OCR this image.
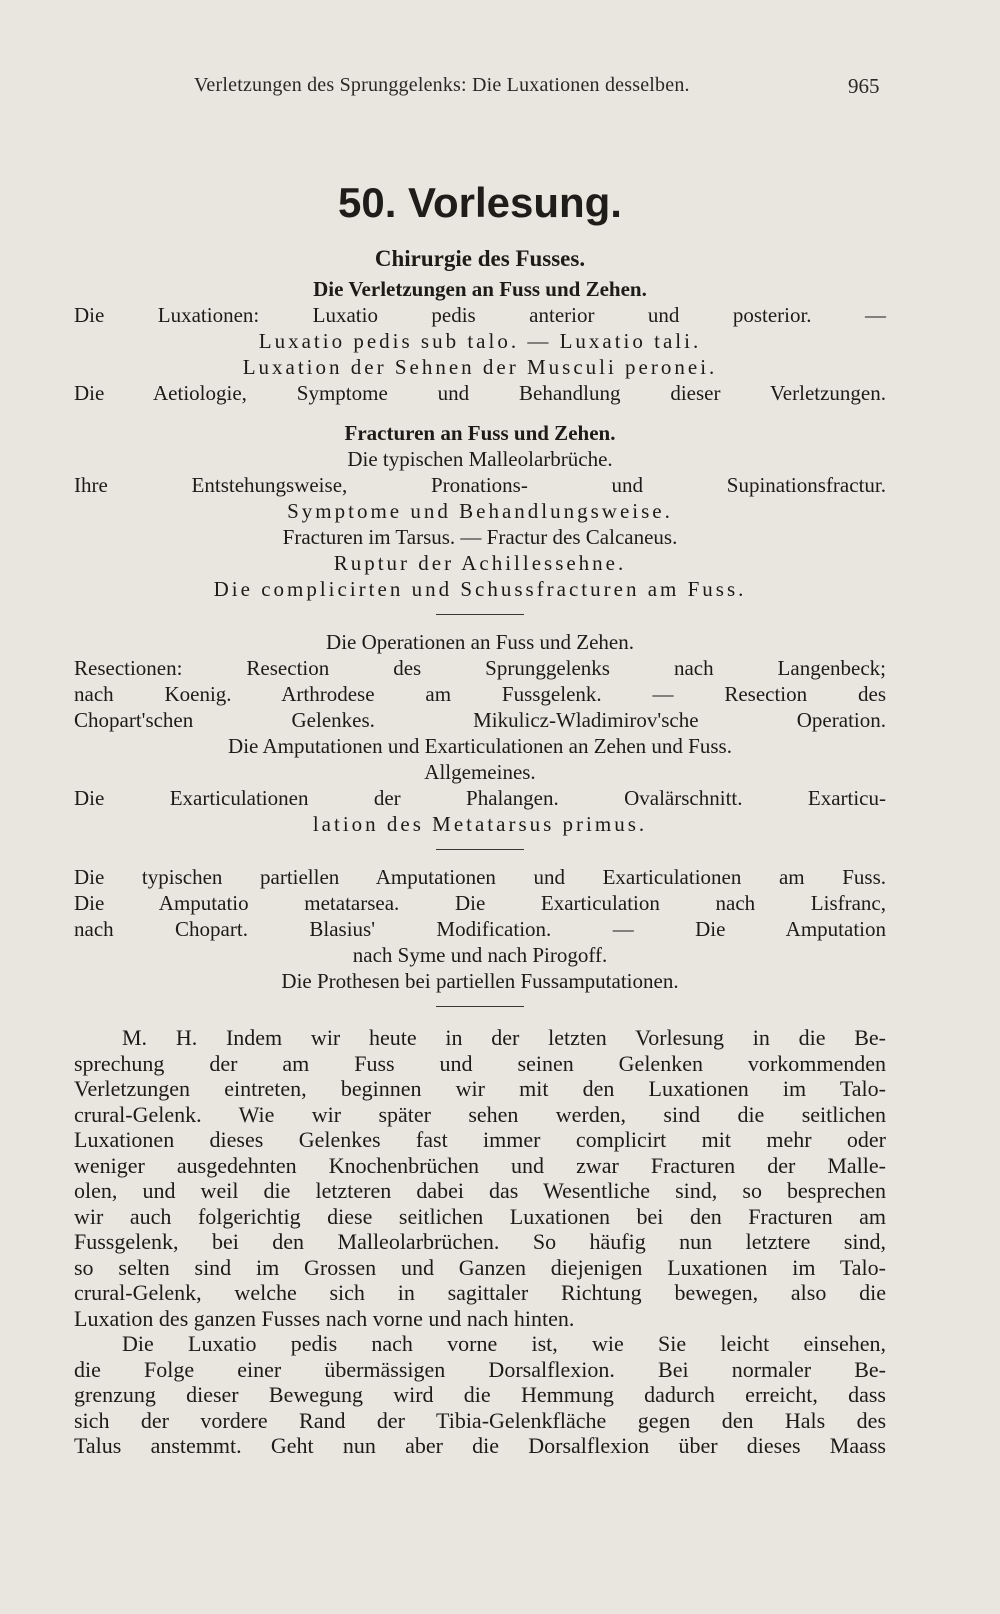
Verletzungen des Sprunggelenks: Die Luxationen desselben.	965
50. Vorlesung.

Chirurgie des Fusses.

Die Verletzungen an Fuss und Zehen.

Die Luxationen: Luxatio pedis anterior und posterior. —

Luxatio pedis sub talo. — Luxatio tali.

Luxation der Sehnen der Musculi peronei.

Die Aetiologie, Symptome und Behandlung dieser Verletzungen.

Fracturen an Fuss und Zehen.

Die typischen Malleolarbrüche.

Ihre Entstehungsweise, Pronations- und Supinationsfractur.

Symptome und Behandlungsweise.

Fracturen im Tarsus. — Fractur des Calcaneus.

Ruptur der Achillessehne.

Die complicirten und Schussfracturen am Fuss.

Die Operationen an Fuss und Zehen.

Resectionen: Resection des Sprunggelenks nach Langenbeck;

nach Koenig. Arthrodese am Fussgelenk. — Resection des

Chopart'schen Gelenkes. Mikulicz-Wladimirov'sche Operation.

Die Amputationen und Exarticulationen an Zehen und Fuss.

Allgemeines.

Die Exarticulationen der Phalangen. Ovalärschnitt. Exarticu-

lation des Metatarsus primus.

Die typischen partiellen Amputationen und Exarticulationen am Fuss.

Die Amputatio metatarsea. Die Exarticulation nach Lisfranc,

nach Chopart. Blasius' Modification. — Die Amputation

nach Syme und nach Pirogoff.

Die Prothesen bei partiellen Fussamputationen.

M. H. Indem wir heute in der letzten Vorlesung in die Be-

sprechung der am Fuss und seinen Gelenken vorkommenden

Verletzungen eintreten, beginnen wir mit den Luxationen im Talo-

crural-Gelenk. Wie wir später sehen werden, sind die seitlichen

Luxationen dieses Gelenkes fast immer complicirt mit mehr oder

weniger ausgedehnten Knochenbrüchen und zwar Fracturen der Malle-

olen, und weil die letzteren dabei das Wesentliche sind, so besprechen

wir auch folgerichtig diese seitlichen Luxationen bei den Fracturen am

Fussgelenk, bei den Malleolarbrüchen. So häufig nun letztere sind,

so selten sind im Grossen und Ganzen diejenigen Luxationen im Talo-

crural-Gelenk, welche sich in sagittaler Richtung bewegen, also die

Luxation des ganzen Fusses nach vorne und nach hinten.

Die Luxatio pedis nach vorne ist, wie Sie leicht einsehen,

die Folge einer übermässigen Dorsalflexion. Bei normaler Be-

grenzung dieser Bewegung wird die Hemmung dadurch erreicht, dass

sich der vordere Rand der Tibia-Gelenkfläche gegen den Hals des

Talus anstemmt. Geht nun aber die Dorsalflexion über dieses Maass
